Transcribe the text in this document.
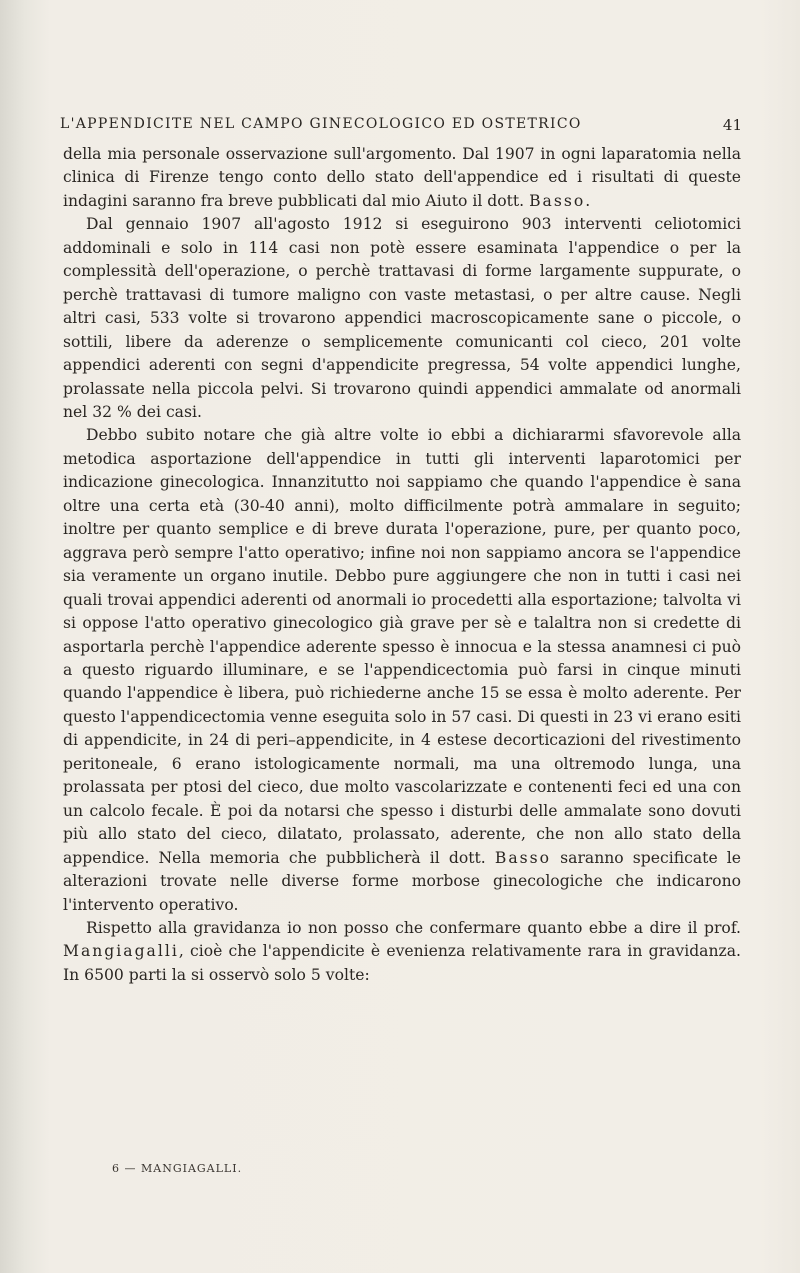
L'APPENDICITE NEL CAMPO GINECOLOGICO ED OSTETRICO	41

della mia personale osservazione sull'argomento. Dal 1907 in ogni laparatomia nella clinica di Firenze tengo conto dello stato dell'appendice ed i risultati di queste indagini saranno fra breve pubblicati dal mio Aiuto il dott. Basso.

Dal gennaio 1907 all'agosto 1912 si eseguirono 903 interventi celiotomici addominali e solo in 114 casi non potè essere esaminata l'appendice o per la complessità dell'operazione, o perchè trattavasi di forme largamente suppurate, o perchè trattavasi di tumore maligno con vaste metastasi, o per altre cause. Negli altri casi, 533 volte si trovarono appendici macroscopicamente sane o piccole, o sottili, libere da aderenze o semplicemente comunicanti col cieco, 201 volte appendici aderenti con segni d'appendicite pregressa, 54 volte appendici lunghe, prolassate nella piccola pelvi. Si trovarono quindi appendici ammalate od anormali nel 32 % dei casi.

Debbo subito notare che già altre volte io ebbi a dichiararmi sfavorevole alla metodica asportazione dell'appendice in tutti gli interventi laparotomici per indicazione ginecologica. Innanzitutto noi sappiamo che quando l'appendice è sana oltre una certa età (30-40 anni), molto difficilmente potrà ammalare in seguito; inoltre per quanto semplice e di breve durata l'operazione, pure, per quanto poco, aggrava però sempre l'atto operativo; infine noi non sappiamo ancora se l'appendice sia veramente un organo inutile. Debbo pure aggiungere che non in tutti i casi nei quali trovai appendici aderenti od anormali io procedetti alla esportazione; talvolta vi si oppose l'atto operativo ginecologico già grave per sè e talaltra non si credette di asportarla perchè l'appendice aderente spesso è innocua e la stessa anamnesi ci può a questo riguardo illuminare, e se l'appendicectomia può farsi in cinque minuti quando l'appendice è libera, può richiederne anche 15 se essa è molto aderente. Per questo l'appendicectomia venne eseguita solo in 57 casi. Di questi in 23 vi erano esiti di appendicite, in 24 di peri–appendicite, in 4 estese decorticazioni del rivestimento peritoneale, 6 erano istologicamente normali, ma una oltremodo lunga, una prolassata per ptosi del cieco, due molto vascolarizzate e contenenti feci ed una con un calcolo fecale. È poi da notarsi che spesso i disturbi delle ammalate sono dovuti più allo stato del cieco, dilatato, prolassato, aderente, che non allo stato della appendice. Nella memoria che pubblicherà il dott. Basso saranno specificate le alterazioni trovate nelle diverse forme morbose ginecologiche che indicarono l'intervento operativo.

Rispetto alla gravidanza io non posso che confermare quanto ebbe a dire il prof. Mangiagalli, cioè che l'appendicite è evenienza relativamente rara in gravidanza. In 6500 parti la si osservò solo 5 volte:

6 — MANGIAGALLI.
